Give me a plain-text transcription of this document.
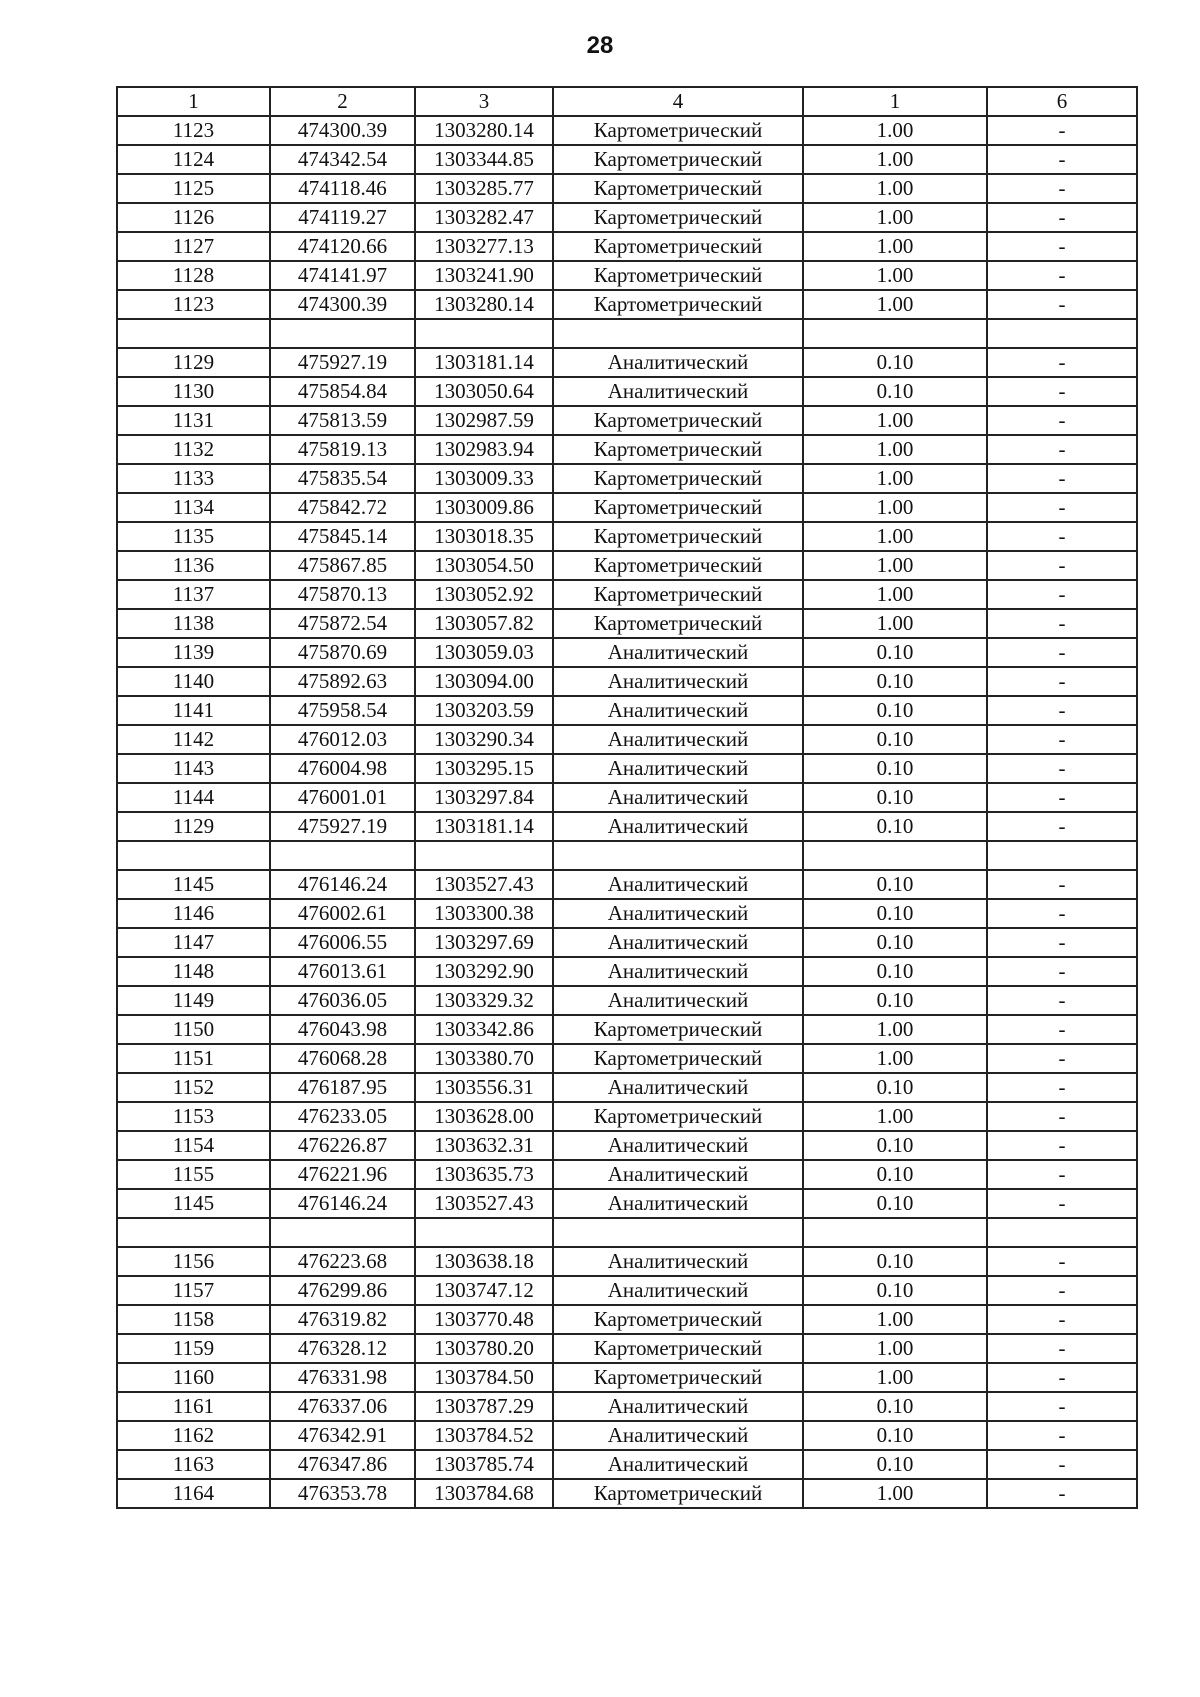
28
1	2	3	4	1	6
1123	474300.39	1303280.14	Картометрический	1.00	-
1124	474342.54	1303344.85	Картометрический	1.00	-
1125	474118.46	1303285.77	Картометрический	1.00	-
1126	474119.27	1303282.47	Картометрический	1.00	-
1127	474120.66	1303277.13	Картометрический	1.00	-
1128	474141.97	1303241.90	Картометрический	1.00	-
1123	474300.39	1303280.14	Картометрический	1.00	-

1129	475927.19	1303181.14	Аналитический	0.10	-
1130	475854.84	1303050.64	Аналитический	0.10	-
1131	475813.59	1302987.59	Картометрический	1.00	-
1132	475819.13	1302983.94	Картометрический	1.00	-
1133	475835.54	1303009.33	Картометрический	1.00	-
1134	475842.72	1303009.86	Картометрический	1.00	-
1135	475845.14	1303018.35	Картометрический	1.00	-
1136	475867.85	1303054.50	Картометрический	1.00	-
1137	475870.13	1303052.92	Картометрический	1.00	-
1138	475872.54	1303057.82	Картометрический	1.00	-
1139	475870.69	1303059.03	Аналитический	0.10	-
1140	475892.63	1303094.00	Аналитический	0.10	-
1141	475958.54	1303203.59	Аналитический	0.10	-
1142	476012.03	1303290.34	Аналитический	0.10	-
1143	476004.98	1303295.15	Аналитический	0.10	-
1144	476001.01	1303297.84	Аналитический	0.10	-
1129	475927.19	1303181.14	Аналитический	0.10	-

1145	476146.24	1303527.43	Аналитический	0.10	-
1146	476002.61	1303300.38	Аналитический	0.10	-
1147	476006.55	1303297.69	Аналитический	0.10	-
1148	476013.61	1303292.90	Аналитический	0.10	-
1149	476036.05	1303329.32	Аналитический	0.10	-
1150	476043.98	1303342.86	Картометрический	1.00	-
1151	476068.28	1303380.70	Картометрический	1.00	-
1152	476187.95	1303556.31	Аналитический	0.10	-
1153	476233.05	1303628.00	Картометрический	1.00	-
1154	476226.87	1303632.31	Аналитический	0.10	-
1155	476221.96	1303635.73	Аналитический	0.10	-
1145	476146.24	1303527.43	Аналитический	0.10	-

1156	476223.68	1303638.18	Аналитический	0.10	-
1157	476299.86	1303747.12	Аналитический	0.10	-
1158	476319.82	1303770.48	Картометрический	1.00	-
1159	476328.12	1303780.20	Картометрический	1.00	-
1160	476331.98	1303784.50	Картометрический	1.00	-
1161	476337.06	1303787.29	Аналитический	0.10	-
1162	476342.91	1303784.52	Аналитический	0.10	-
1163	476347.86	1303785.74	Аналитический	0.10	-
1164	476353.78	1303784.68	Картометрический	1.00	-
